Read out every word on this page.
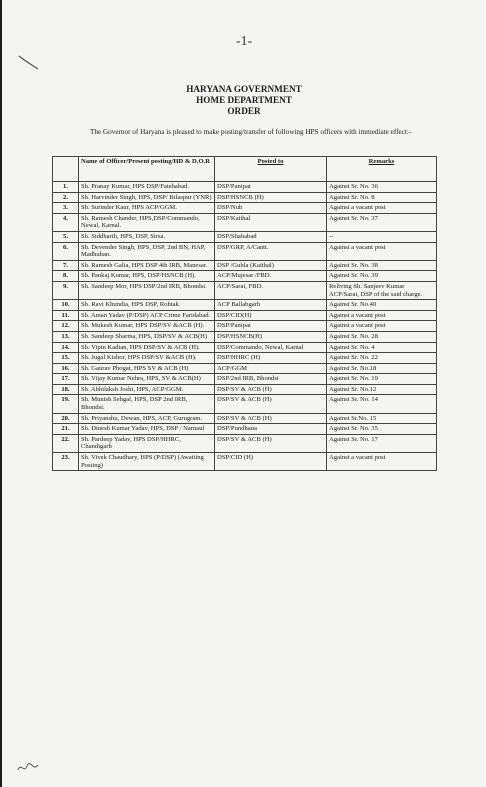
-1-
HARYANA GOVERNMENT
HOME DEPARTMENT
ORDER
The Governor of Haryana is pleased to make posting/transfer of following HPS officers with immediate effect:-
	Name of Officer/Present posting/HD & D.O.R	Posted to	Remarks
1.	Sh. Pranay Kumar, HPS DSP/Fatehabad.	DSP/Panipat	Against Sr. No. 36
2.	Sh. Harvinder Singh, HPS, DSP/ Bilaspur (YNR)	DSP/HSNCB (H)	Against Sr. No. 8
3.	Sh. Surinder Kaur, HPS ACP/GGM.	DSP/Nuh	Against a vacant post
4.	Sh. Ramesh Chander, HPS,DSP/Commando, Newal, Karnal.	DSP/Kaithal	Against Sr. No. 37
5.	Sh. Siddharth, HPS, DSP, Sirsa.	DSP/Shahabad	--
6.	Sh. Devender Singh, HPS, DSP, 2nd BN, HAP, Madhuban.	DSP/GRP, A/Cantt.	Against a vacant post
7.	Sh. Ramesh Galia, HPS DSP 4th IRB, Manesar.	DSP /Guhla (Kaithal)	Against Sr. No. 38
8.	Sh. Pankaj Kumar, HPS, DSP/HSNCB (H).	ACP/Mujesar /FBD.	Against Sr. No. 39
9.	Sh. Sandeep Mor, HPS DSP/2nd IRB, Bhondsi.	ACP/Sarai, FBD.	Reliving Sh. Sanjeev Kumar ACP/Sarai, DSP of the said charge.
10.	Sh. Ravi Khundia, HPS DSP, Rohtak.	ACP Ballabgarh	Against Sr. No.40
11.	Sh. Aman Yadav (P/DSP) ACP Crime Faridabad.	DSP/CID(H)	Against a vacant post
12.	Sh. Mukesh Kumar, HPS DSP/SV &ACB (H).	DSP/Panipat	Against a vacant post
13.	Sh. Sandeep Sharma, HPS, DSP/SV & ACB(H)	DSP/HSNCB(H)	Against Sr. No. 28
14.	Sh. Vipin Kadian, HPS DSP/SV & ACB (H).	DSP/Commando, Newal, Karnal	Against Sr. No. 4
15.	Sh. Jugal Kishor, HPS DSP/SV &ACB (H).	DSP/HHRC (H)	Against Sr. No. 22
16.	Sh. Gaurav Phogat, HPS SV & ACB (H)	ACP/GGM	Against Sr. No.18
17.	Sh. Vijay Kumar Nehra, HPS, SV & ACB(H)	DSP/2nd IRB, Bhondsi	Against Sr. No. 19
18.	Sh. Abhilaksh Joshi, HPS, ACP/GGM.	DSP/SV & ACB (H)	Against Sr. No.12
19.	Sh. Munish Sehgal, HPS, DSP 2nd IRB, Bhondsi.	DSP/SV & ACB (H)	Against Sr. No. 14
20.	Sh. Priyanshu, Dewan, HPS, ACP, Gurugram.	DSP/SV & ACB (H)	Against Sr.No. 15
21.	Sh. Dinesh Kumar Yadav, HPS, DSP / Narnaul	DSP/Pundhana	Against Sr. No. 35
22.	Sh. Pardeep Yadav, HPS DSP/HHRC, Chandigarh	DSP/SV & ACB (H)	Against Sr. No. 17
23.	Sh. Vivek Chaudhary, HPS (P/DSP) (Awaiting Posting)	DSP/CID (H)	Against a vacant post
